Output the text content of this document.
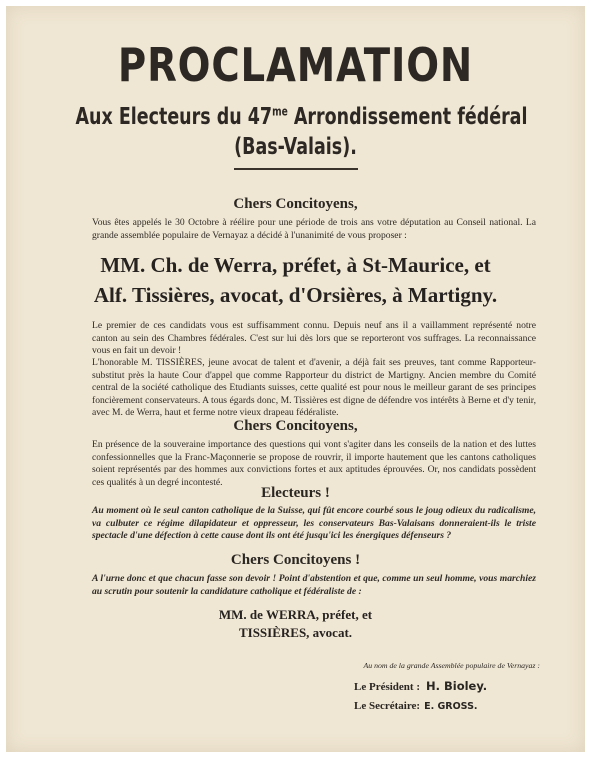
PROCLAMATION
Aux Electeurs du $47^{me}$ Arrondissement fédéral
(Bas-Valais).
Chers Concitoyens,

Vous êtes appelés le 30 Octobre à réélire pour une période de trois ans votre députation au Conseil national. La grande assemblée populaire de Vernayaz a décidé à l'unanimité de vous proposer :

MM. Ch. de Werra, préfet, à St-Maurice, et
Alf. Tissières, avocat, d'Orsières, à Martigny.

Le premier de ces candidats vous est suffisamment connu. Depuis neuf ans il a vaillamment représenté notre canton au sein des Chambres fédérales. C'est sur lui dès lors que se reporteront vos suffrages. La reconnaissance vous en fait un devoir !

L'honorable M. TISSIÈRES, jeune avocat de talent et d'avenir, a déjà fait ses preuves, tant comme Rapporteur-substitut près la haute Cour d'appel que comme Rapporteur du district de Martigny. Ancien membre du Comité central de la société catholique des Etudiants suisses, cette qualité est pour nous le meilleur garant de ses principes foncièrement conservateurs. A tous égards donc, M. Tissières est digne de défendre vos intérêts à Berne et d'y tenir, avec M. de Werra, haut et ferme notre vieux drapeau fédéraliste.

Chers Concitoyens,

En présence de la souveraine importance des questions qui vont s'agiter dans les conseils de la nation et des luttes confessionnelles que la Franc-Maçonnerie se propose de rouvrir, il importe hautement que les cantons catholiques soient représentés par des hommes aux convictions fortes et aux aptitudes éprouvées. Or, nos candidats possèdent ces qualités à un degré incontesté.

Electeurs !

Au moment où le seul canton catholique de la Suisse, qui fût encore courbé sous le joug odieux du radicalisme, va culbuter ce régime dilapidateur et oppresseur, les conservateurs Bas-Valaisans donneraient-ils le triste spectacle d'une défection à cette cause dont ils ont été jusqu'ici les énergiques défenseurs ?

Chers Concitoyens !

A l'urne donc et que chacun fasse son devoir ! Point d'abstention et que, comme un seul homme, vous marchiez au scrutin pour soutenir la candidature catholique et fédéraliste de :

MM. de WERRA, préfet, et
TISSIÈRES, avocat.
Au nom de la grande Assemblée populaire de Vernayaz :
Le Président : H. Bioley.
Le Secrétaire: E. GROSS.
